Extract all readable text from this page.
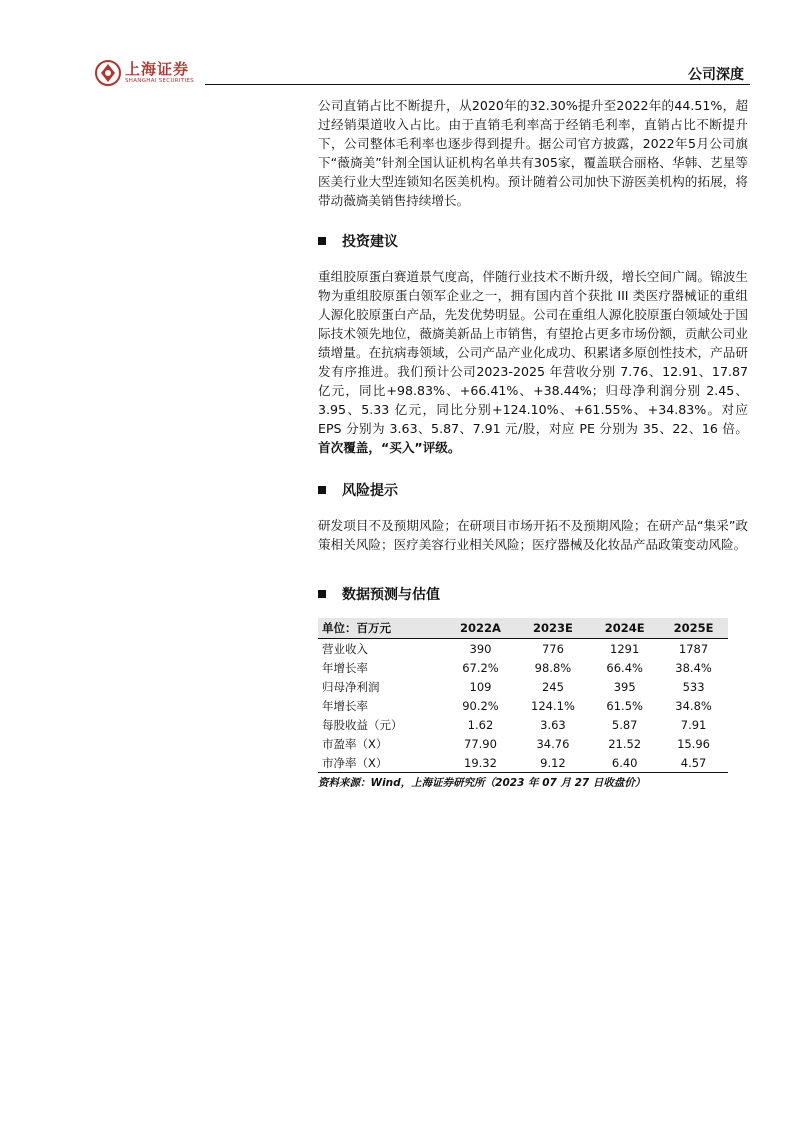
上海证券
SHANGHAI SECURITIES	公司深度

公司直销占比不断提升，从2020年的32.30%提升至2022年的44.51%，超过经销渠道收入占比。由于直销毛利率高于经销毛利率，直销占比不断提升下，公司整体毛利率也逐步得到提升。据公司官方披露，2022年5月公司旗下“薇旖美”针剂全国认证机构名单共有305家，覆盖联合丽格、华韩、艺星等医美行业大型连锁知名医美机构。预计随着公司加快下游医美机构的拓展，将带动薇旖美销售持续增长。

投资建议

重组胶原蛋白赛道景气度高，伴随行业技术不断升级，增长空间广阔。锦波生物为重组胶原蛋白领军企业之一，拥有国内首个获批 III 类医疗器械证的重组人源化胶原蛋白产品，先发优势明显。公司在重组人源化胶原蛋白领域处于国际技术领先地位，薇旖美新品上市销售，有望抢占更多市场份额，贡献公司业绩增量。在抗病毒领域，公司产品产业化成功、积累诸多原创性技术，产品研发有序推进。我们预计公司2023-2025 年营收分别 7.76、12.91、17.87 亿元，同比+98.83%、+66.41%、+38.44%；归母净利润分别 2.45、3.95、5.33 亿元，同比分别+124.10%、+61.55%、+34.83%。对应 EPS 分别为 3.63、5.87、7.91 元/股，对应 PE 分别为 35、22、16 倍。首次覆盖，“买入”评级。

风险提示

研发项目不及预期风险；在研项目市场开拓不及预期风险；在研产品“集采”政策相关风险；医疗美容行业相关风险；医疗器械及化妆品产品政策变动风险。

数据预测与估值
单位：百万元	2022A	2023E	2024E	2025E
营业收入	390	776	1291	1787
年增长率	67.2%	98.8%	66.4%	38.4%
归母净利润	109	245	395	533
年增长率	90.2%	124.1%	61.5%	34.8%
每股收益（元）	1.62	3.63	5.87	7.91
市盈率（X）	77.90	34.76	21.52	15.96
市净率（X）	19.32	9.12	6.40	4.57
资料来源：Wind，上海证券研究所（2023 年 07 月 27 日收盘价）
